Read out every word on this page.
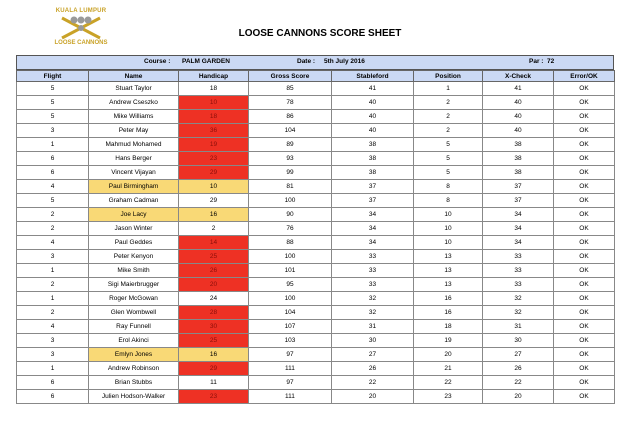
KUALA LUMPUR
LOOSE CANNONS
LOOSE CANNONS SCORE SHEET
Course : PALM GARDEN	Date : 5th July 2016	Par : 72
Flight	Name	Handicap	Gross Score	Stableford	Position	X-Check	Error/OK
5	Stuart Taylor	18	85	41	1	41	OK
5	Andrew Cseszko	10	78	40	2	40	OK
5	Mike Williams	18	86	40	2	40	OK
3	Peter May	36	104	40	2	40	OK
1	Mahmud Mohamed	19	89	38	5	38	OK
6	Hans Berger	23	93	38	5	38	OK
6	Vincent Vijayan	29	99	38	5	38	OK
4	Paul Birmingham	10	81	37	8	37	OK
5	Graham Cadman	29	100	37	8	37	OK
2	Joe Lacy	16	90	34	10	34	OK
2	Jason Winter	2	76	34	10	34	OK
4	Paul Geddes	14	88	34	10	34	OK
3	Peter Kenyon	25	100	33	13	33	OK
1	Mike Smith	26	101	33	13	33	OK
2	Sigi Maierbrugger	20	95	33	13	33	OK
1	Roger McGowan	24	100	32	16	32	OK
2	Glen Wombwell	28	104	32	16	32	OK
4	Ray Funnell	30	107	31	18	31	OK
3	Erol Akinci	25	103	30	19	30	OK
3	Emlyn Jones	16	97	27	20	27	OK
1	Andrew Robinson	29	111	26	21	26	OK
6	Brian Stubbs	11	97	22	22	22	OK
6	Julien Hodson-Walker	23	111	20	23	20	OK
